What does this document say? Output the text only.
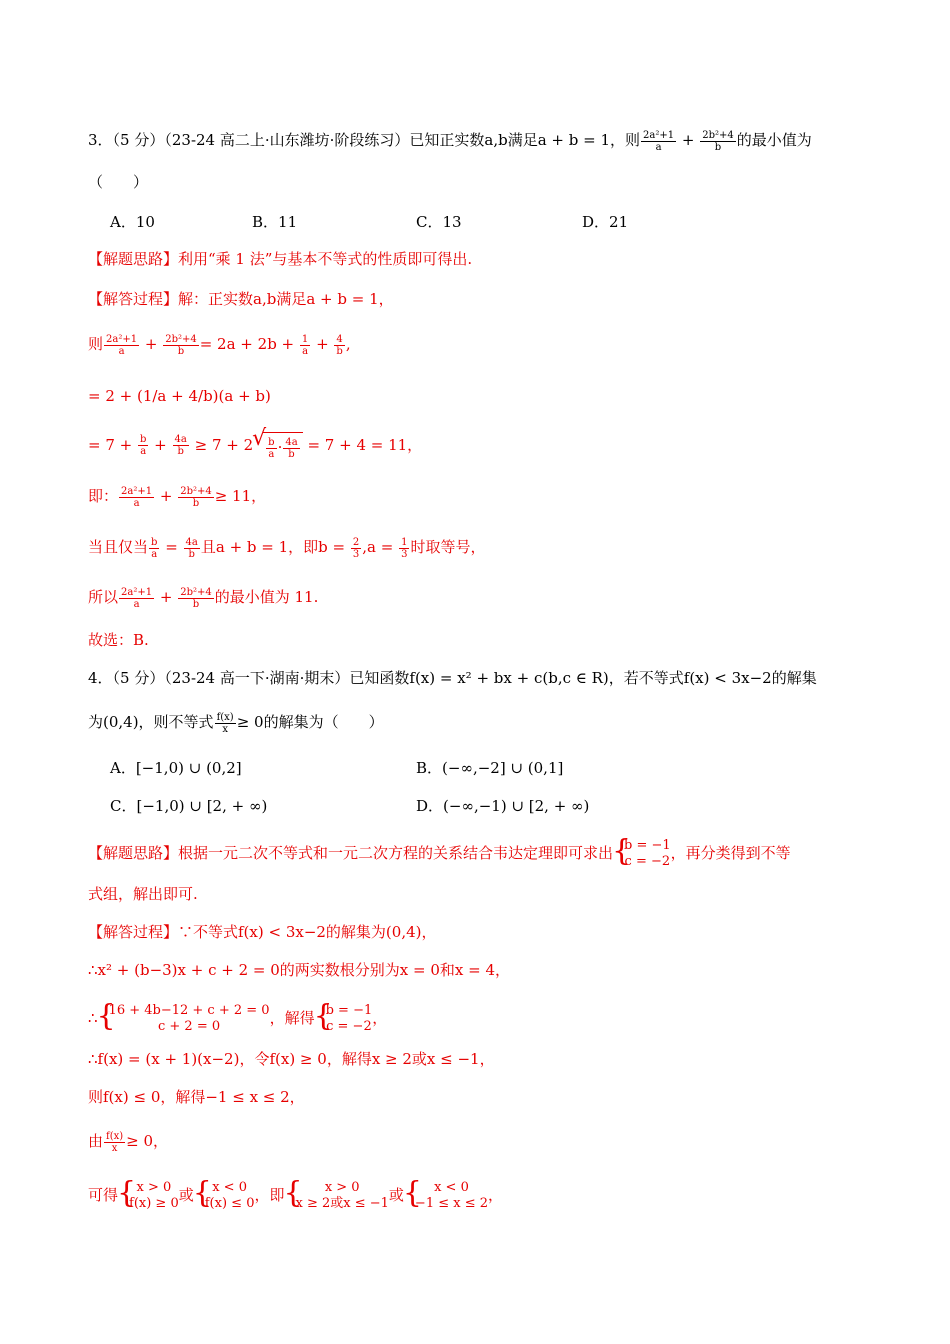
3．（5 分）（23-24 高二上·山东潍坊·阶段练习）已知正实数a,b满足a + b = 1，则 $\frac{\text{2a²+1}}{a} + \frac{\text{2b²+4}}{b}$ 的最小值为
（　　）
A．10	B．11	C．13	D．21
【解题思路】利用“乘 1 法”与基本不等式的性质即可得出.
【解答过程】解：正实数a,b满足a + b = 1，
则 $\frac{\text{2a²+1}}{a} + \frac{\text{2b²+4}}{b} = 2a + 2b + \frac{1}{a} + \frac{4}{b}$ ,
= 2 + (1/a + 4/b)(a + b)
= $7 + \frac{b}{a} + \frac{4a}{b} \ge 7 + 2$ √ $\frac{b}{a} \cdot \frac{4a}{b} = 7 + 4 = 11$，
即： $\frac{\text{2a²+1}}{a} + \frac{\text{2b²+4}}{b} \ge 11$，
当且仅当 $\frac{b}{a} = \frac{4a}{b}$ 且a + b = 1，即$b = \frac{2}{3} ,a = \frac{1}{3}$ 时取等号，
所以 $\frac{\text{2a²+1}}{a} + \frac{\text{2b²+4}}{b}$ 的最小值为 11.
故选：B.
4．（5 分）（23-24 高一下·湖南·期末）已知函数f(x) = x² + bx + c(b,c ∈ R)，若不等式f(x) < 3x−2的解集
为(0,4)，则不等式 $\frac{f(x)}{x} \ge 0$的解集为（　　）
A．[−1,0) ∪ (0,2]	B．(−∞,−2] ∪ (0,1]
C．[−1,0) ∪ [2, + ∞)	D．(−∞,−1) ∪ [2, + ∞)
【解题思路】根据一元二次不等式和一元二次方程的关系结合韦达定理即可求出 { b = −1
c = −2 ，再分类得到不等
式组，解出即可.
【解答过程】∵不等式f(x) < 3x−2的解集为(0,4)，
∴x² + (b−3)x + c + 2 = 0的两实数根分别为x = 0和x = 4，
∴ { 16 + 4b−12 + c + 2 = 0
c + 2 = 0	，解得 { b = −1
c = −2 ，
∴f(x) = (x + 1)(x−2)，令f(x) ≥ 0，解得x ≥ 2或x ≤ −1，
则f(x) ≤ 0，解得−1 ≤ x ≤ 2，
由 $\frac{f(x)}{x} \ge 0$，
可得	{ x > 0
f(x) ≥ 0 或	{ x < 0
f(x) ≤ 0 ，即	{ x > 0
x ≥ 2或x ≤ −1 或	{ x < 0
−1 ≤ x ≤ 2 ，
